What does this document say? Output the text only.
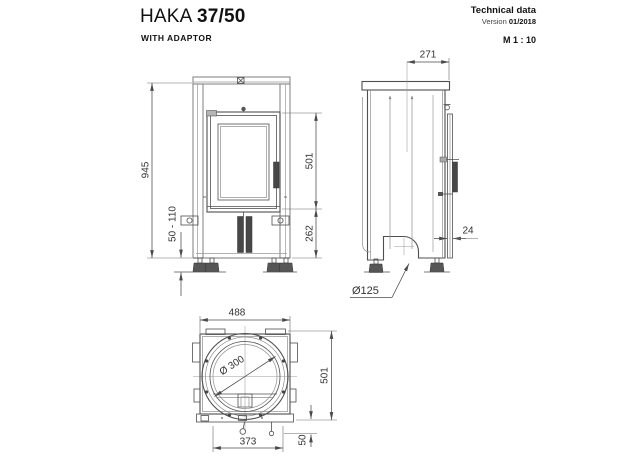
HAKA 37/50
WITH ADAPTOR
Technical data
Version 01/2018
M 1 : 10
945
50 - 110
501
262
271
24
Ø125
488
Ø 300	501
50
373
